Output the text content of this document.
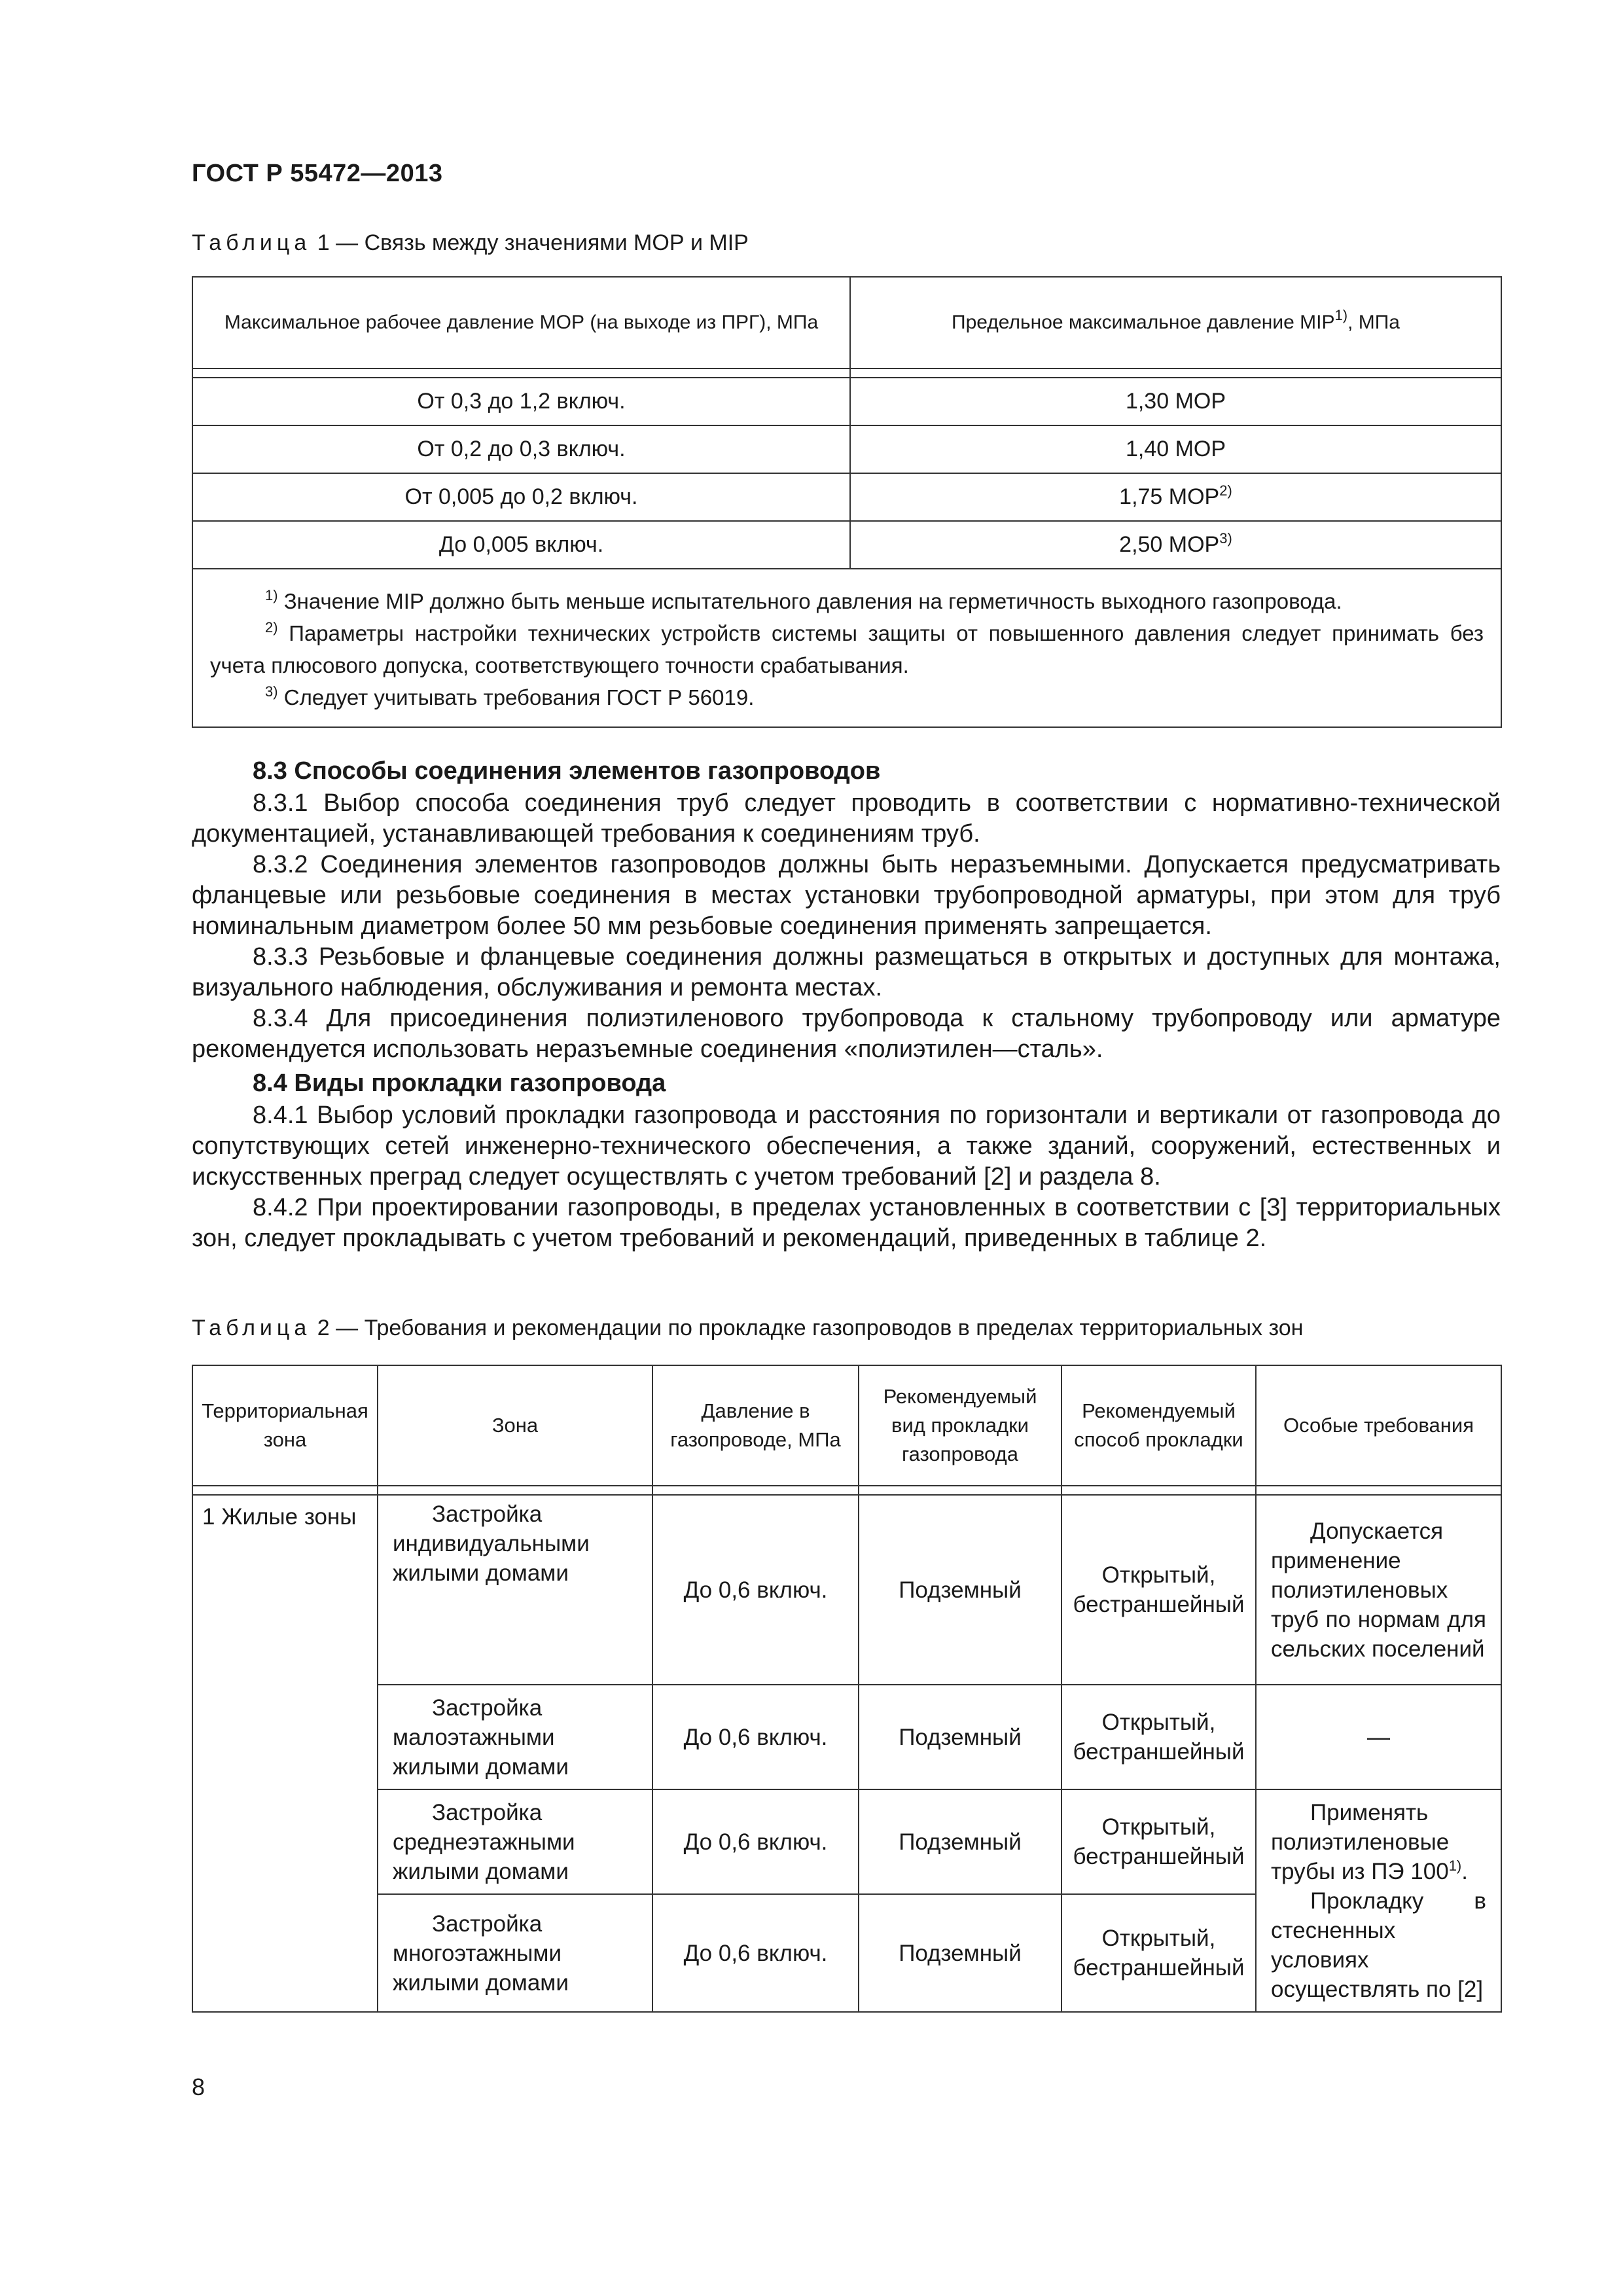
ГОСТ Р 55472—2013
Таблица 1 — Связь между значениями МОР и MIP
Максимальное рабочее давление МОР (на выходе из ПРГ), МПа	Предельное максимальное давление MIP$^{1)}$, МПа

От 0,3 до 1,2 включ.	1,30 МОР
От 0,2 до 0,3 включ.	1,40 МОР
От 0,005 до 0,2 включ.	1,75 МОР$^{2)}$
До 0,005 включ.	2,50 МОР$^{3)}$

$^{1)}$ Значение MIP должно быть меньше испытательного давления на герметичность выходного газопровода.
$^{2)}$ Параметры настройки технических устройств системы защиты от повышенного давления следует принимать без учета плюсового допуска, соответствующего точности срабатывания.
$^{3)}$ Следует учитывать требования ГОСТ Р 56019.	
8.3 Способы соединения элементов газопроводов

8.3.1 Выбор способа соединения труб следует проводить в соответствии с нормативно-технической документацией, устанавливающей требования к соединениям труб.

8.3.2 Соединения элементов газопроводов должны быть неразъемными. Допускается предусматривать фланцевые или резьбовые соединения в местах установки трубопроводной арматуры, при этом для труб номинальным диаметром более 50 мм резьбовые соединения применять запрещается.

8.3.3 Резьбовые и фланцевые соединения должны размещаться в открытых и доступных для монтажа, визуального наблюдения, обслуживания и ремонта местах.

8.3.4 Для присоединения полиэтиленового трубопровода к стальному трубопроводу или арматуре рекомендуется использовать неразъемные соединения «полиэтилен—сталь».

8.4 Виды прокладки газопровода

8.4.1 Выбор условий прокладки газопровода и расстояния по горизонтали и вертикали от газопровода до сопутствующих сетей инженерно-технического обеспечения, а также зданий, сооружений, естественных и искусственных преград следует осуществлять с учетом требований [2] и раздела 8.

8.4.2 При проектировании газопроводы, в пределах установленных в соответствии с [3] территориальных зон, следует прокладывать с учетом требований и рекомендаций, приведенных в таблице 2.

Таблица 2 — Требования и рекомендации по прокладке газопроводов в пределах территориальных зон
Территориальная зона	Зона	Давление в газопроводе, МПа	Рекомендуемый вид прокладки газопровода	Рекомендуемый способ прокладки	Особые требования

1 Жилые зоны	Застройка индивидуальными жилыми домами	До 0,6 включ.	Подземный	Открытый, бестраншейный	Допускается применение полиэтиленовых труб по нормам для сельских поселений

	Застройка малоэтажными жилыми домами	До 0,6 включ.	Подземный	Открытый, бестраншейный	—

	Застройка среднеэтажными жилыми домами	До 0,6 включ.	Подземный	Открытый, бестраншейный	Применять полиэтиленовые трубы из ПЭ 100$^{1)}$.
Прокладку в стесненных условиях осуществлять по [2]

	Застройка многоэтажными жилыми домами	До 0,6 включ.	Подземный	Открытый, бестраншейный	
8
